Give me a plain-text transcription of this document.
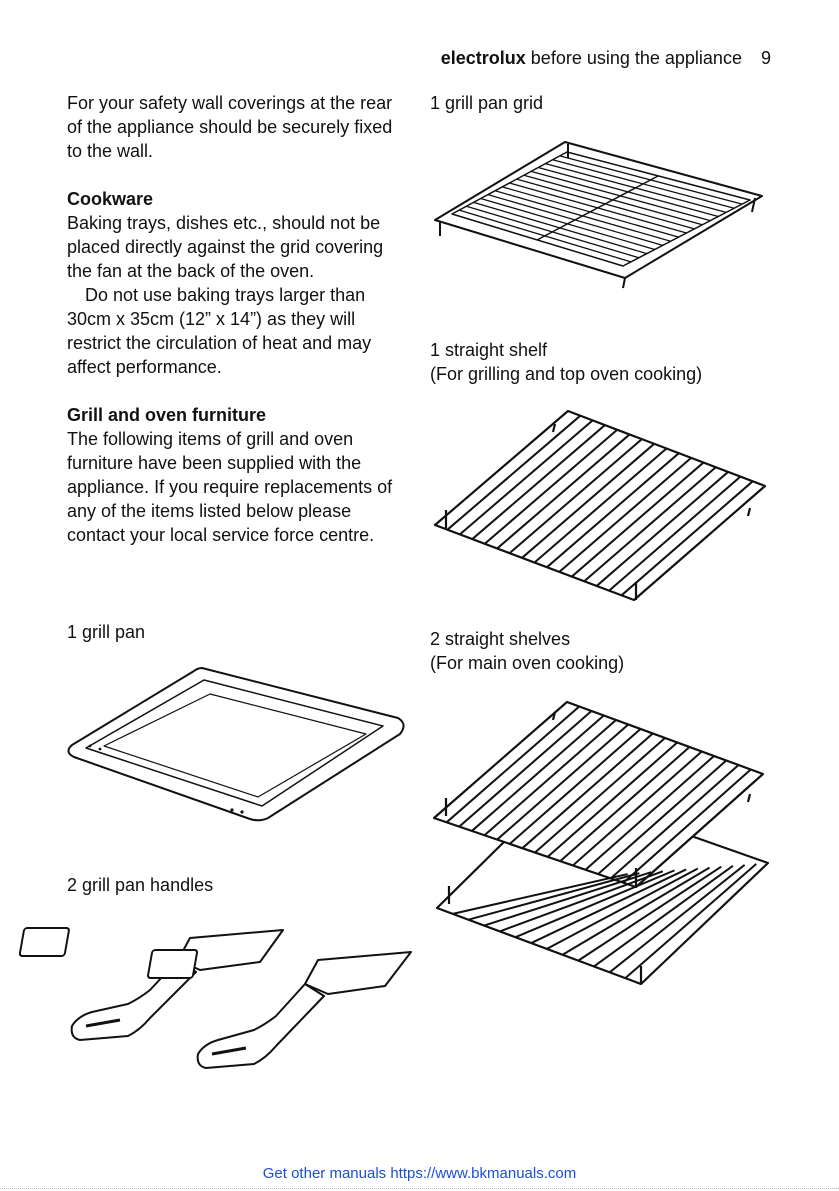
electrolux before using the appliance 9

For your safety wall coverings at the rear of the appliance should be securely fixed to the wall.

Cookware

Baking trays, dishes etc., should not be placed directly against the grid covering the fan at the back of the oven.

Do not use baking trays larger than 30cm x 35cm (12” x 14”) as they will restrict the circulation of heat and may affect performance.

Grill and oven furniture

The following items of grill and oven furniture have been supplied with the appliance. If you require replacements of any of the items listed below please contact your local service force centre.

1 grill pan
2 grill pan handles
1 grill pan grid
1 straight shelf
(For grilling and top oven cooking)
2 straight shelves
(For main oven cooking)
Get other manuals https://www.bkmanuals.com
